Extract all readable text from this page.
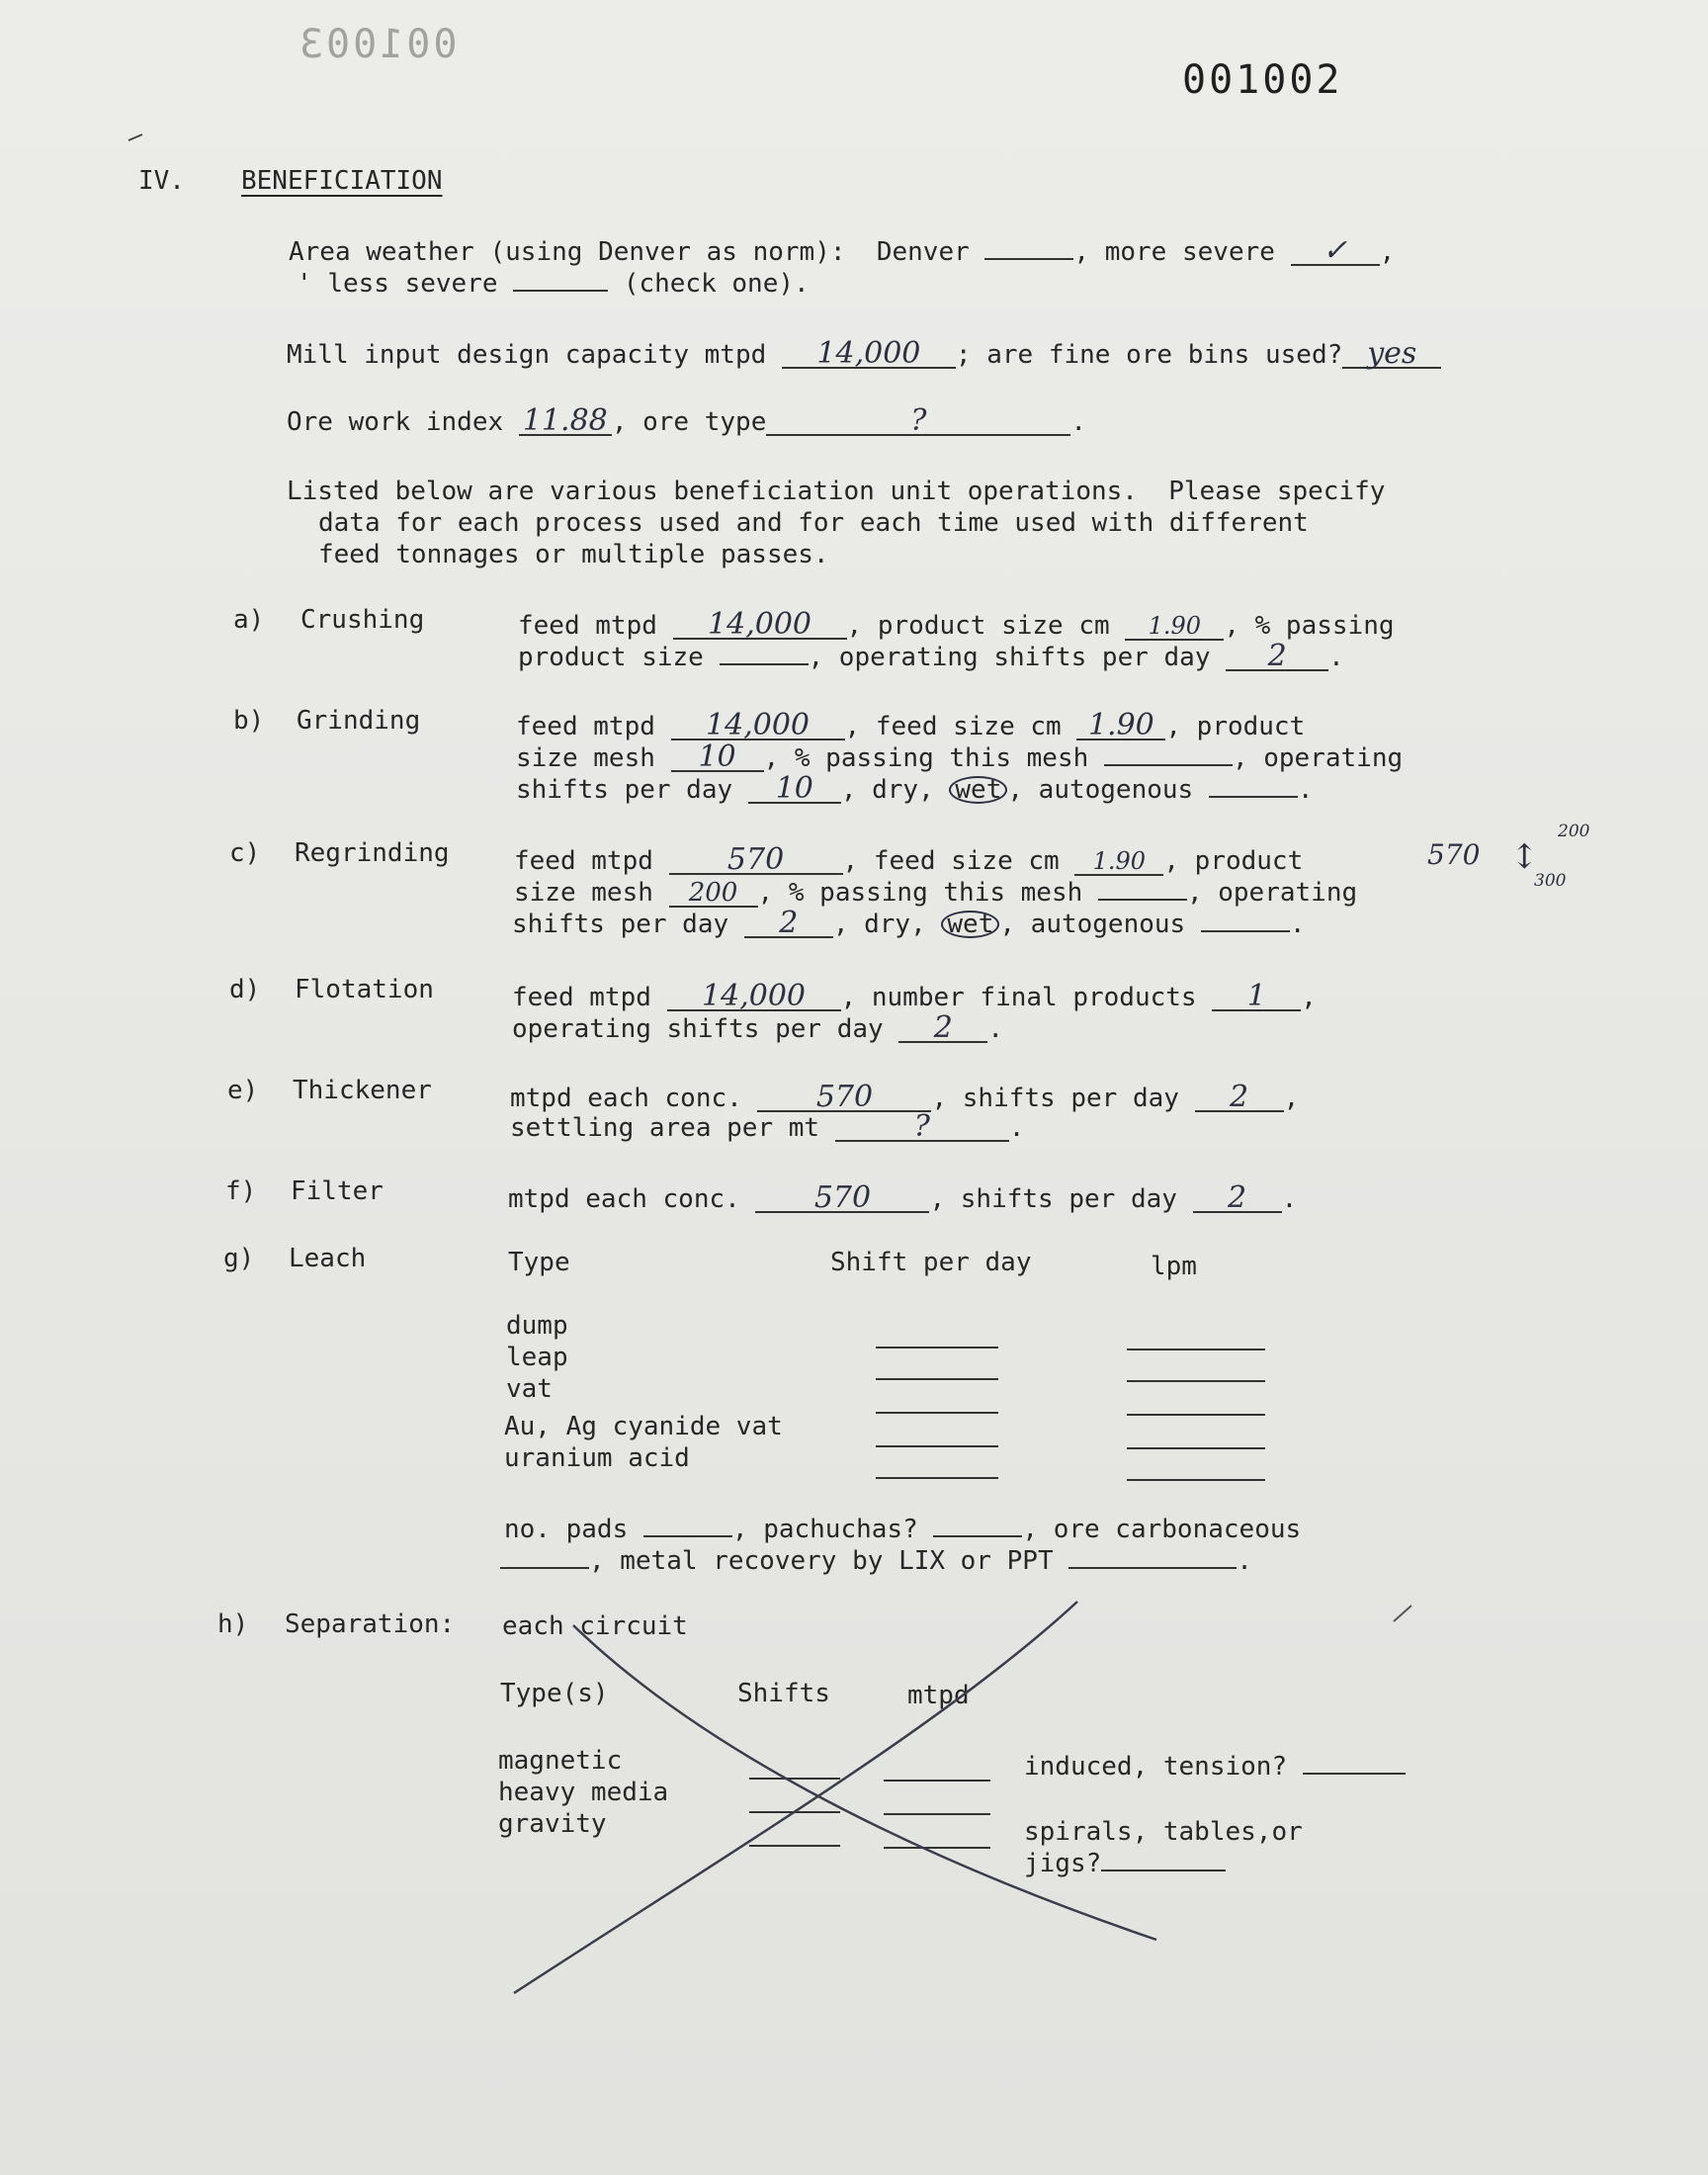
001003
001002
IV. BENEFICIATION
Area weather (using Denver as norm):  Denver	, more severe ✓ ,
' less severe	(check one).
Mill input design capacity mtpd 14,000 ; are fine ore bins used? yes
Ore work index 11.88 , ore type	?	.
Listed below are various beneficiation unit operations.  Please specify
data for each process used and for each time used with different
feed tonnages or multiple passes.
a) Crushing	feed mtpd 14,000 , product size cm 1.90 , % passing
product size	, operating shifts per day 2 .
b) Grinding	feed mtpd 14,000 , feed size cm 1.90 , product
size mesh 10 , % passing this mesh	, operating
shifts per day 10 , dry, wet , autogenous	.
c) Regrinding	feed mtpd	570 , feed size cm 1.90 , product
size mesh 200 , % passing this mesh	, operating
shifts per day 2 , dry, wet , autogenous	.
570 ↕
200
300
d) Flotation	feed mtpd 14,000 , number final products 1 ,
operating shifts per day 2 .
e) Thickener	mtpd each conc.	570 , shifts per day 2 ,
settling area per mt	?	.
f) Filter	mtpd each conc.	570 , shifts per day 2 .
g) Leach	Type	Shift per day	lpm
dump
leap
vat
Au, Ag cyanide vat
uranium acid
no. pads	, pachuchas?	, ore carbonaceous
, metal recovery by LIX or PPT	.
h) Separation: each circuit
Type(s)	Shifts	mtpd
magnetic
heavy media
gravity
induced, tension?
spirals, tables,or
jigs?
